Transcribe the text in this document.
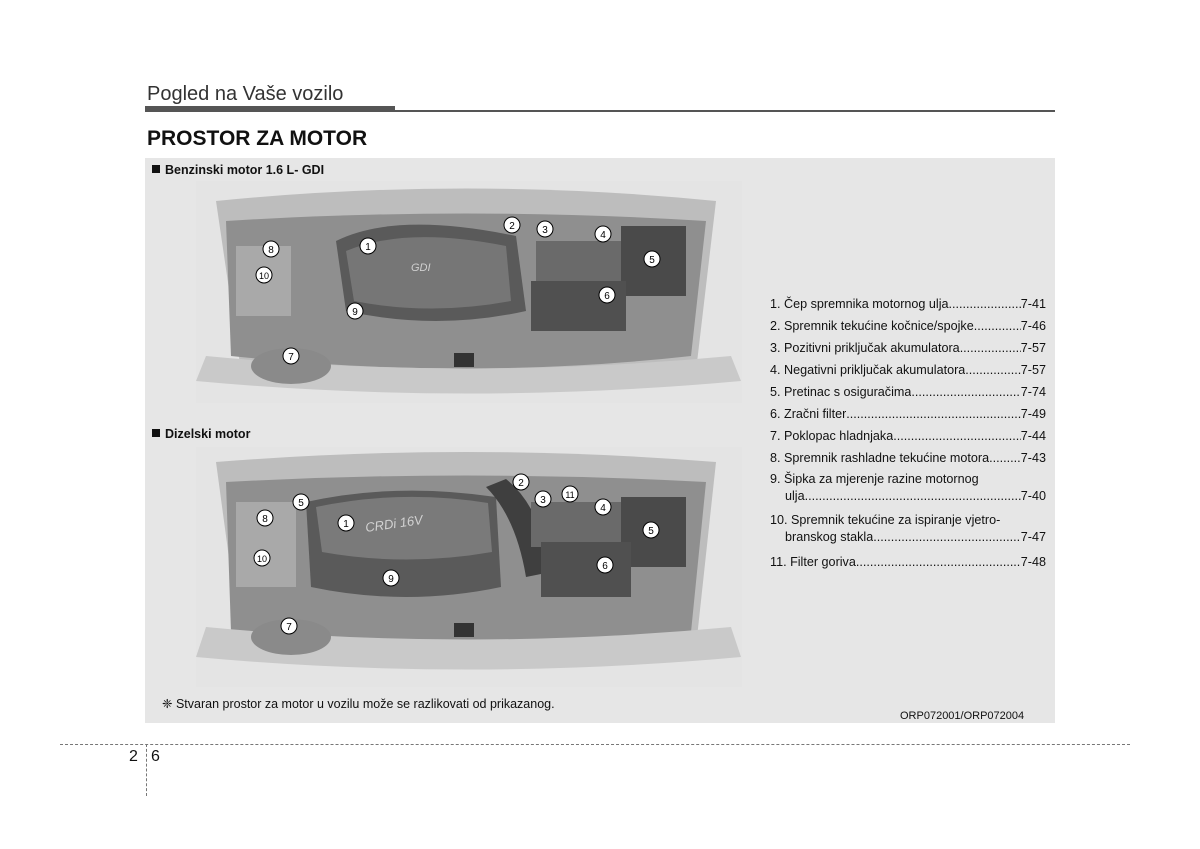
Pogled na Vaše vozilo
PROSTOR ZA MOTOR
Benzinski motor 1.6 L- GDI
GDI
1
2	3	4
5
6
7
8
9
10
Dizelski motor
CRDi 16V
1
2
3
4
5
5
6
7
8
9
10
11
1. Čep spremnika motornog ulja .....	7-41
2. Spremnik tekućine kočnice/spojke .....	7-46
3. Pozitivni priključak akumulatora .....	7-57
4. Negativni priključak akumulatora .....	7-57
5. Pretinac s osiguračima .....	7-74
6. Zračni filter .....	7-49
7. Poklopac hladnjaka .....	7-44
8. Spremnik rashladne tekućine motora .....	7-43
9. Šipka za mjerenje razine motornog
ulja...... .....	7-40
10. Spremnik tekućine za ispiranje vjetro-
branskog stakla .....	7-47
11. Filter goriva .....	7-48
❈ Stvaran prostor za motor u vozilu može se razlikovati od prikazanog.
ORP072001/ORP072004
2 6
